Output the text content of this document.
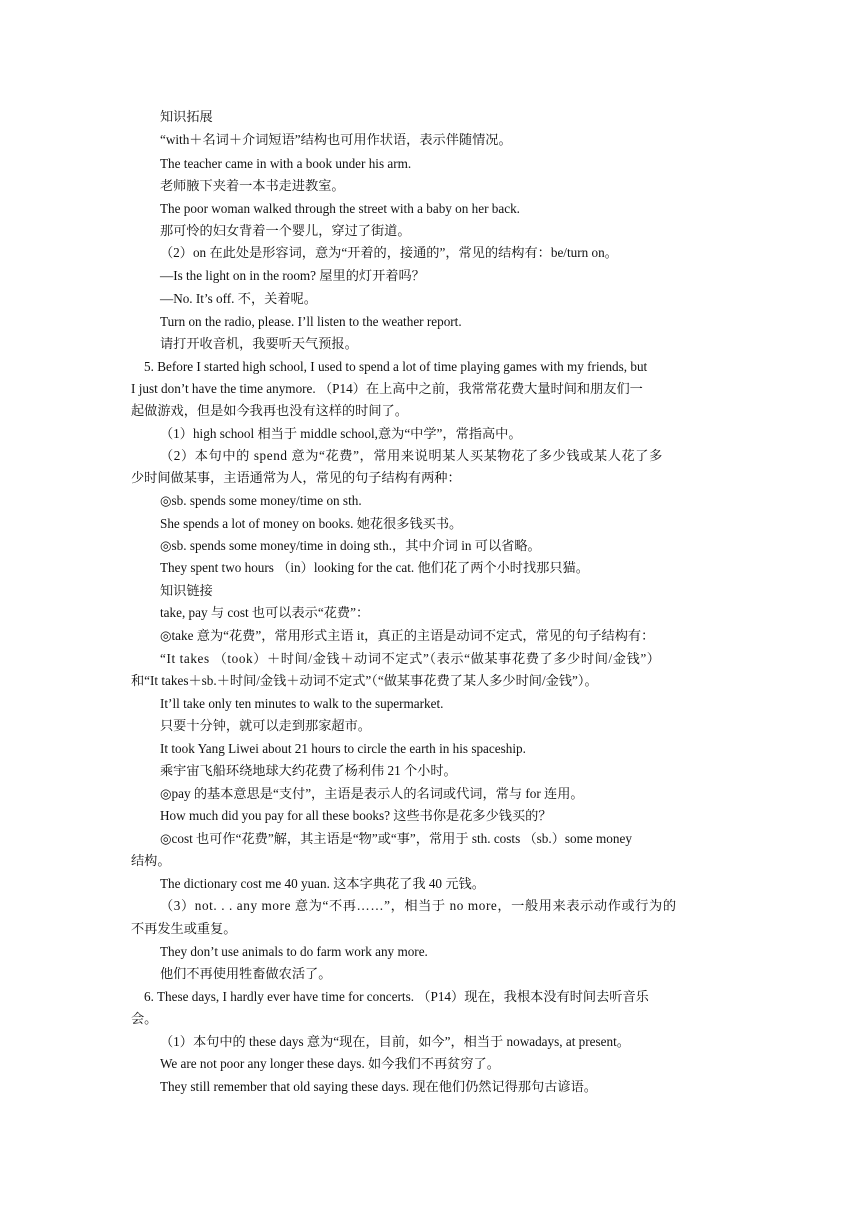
知识拓展
“with＋名词＋介词短语”结构也可用作状语，表示伴随情况。
The teacher came in with a book under his arm.
老师腋下夹着一本书走进教室。
The poor woman walked through the street with a baby on her back.
那可怜的妇女背着一个婴儿，穿过了街道。
（2）on 在此处是形容词，意为“开着的，接通的”，常见的结构有：be/turn on。
—Is the light on in the room? 屋里的灯开着吗？
—No. It’s off. 不，关着呢。
Turn on the radio, please. I’ll listen to the weather report.
请打开收音机，我要听天气预报。
5. Before I started high school, I used to spend a lot of time playing games with my friends, but
I just don’t have the time anymore. （P14）在上高中之前，我常常花费大量时间和朋友们一
起做游戏，但是如今我再也没有这样的时间了。
（1）high school 相当于 middle school,意为“中学”，常指高中。
（2）本句中的 spend 意为“花费”，常用来说明某人买某物花了多少钱或某人花了多
少时间做某事，主语通常为人，常见的句子结构有两种：
◎sb. spends some money/time on sth.
She spends a lot of money on books. 她花很多钱买书。
◎sb. spends some money/time in doing sth.，其中介词 in 可以省略。
They spent two hours （in）looking for the cat. 他们花了两个小时找那只猫。
知识链接
take, pay 与 cost 也可以表示“花费”：
◎take 意为“花费”，常用形式主语 it，真正的主语是动词不定式，常见的句子结构有：
“It takes （took）＋时间/金钱＋动词不定式”（表示“做某事花费了多少时间/金钱”）
和“It takes＋sb.＋时间/金钱＋动词不定式”（“做某事花费了某人多少时间/金钱”）。
It’ll take only ten minutes to walk to the supermarket.
只要十分钟，就可以走到那家超市。
It took Yang Liwei about 21 hours to circle the earth in his spaceship.
乘宇宙飞船环绕地球大约花费了杨利伟 21 个小时。
◎pay 的基本意思是“支付”，主语是表示人的名词或代词，常与 for 连用。
How much did you pay for all these books? 这些书你是花多少钱买的？
◎cost 也可作“花费”解，其主语是“物”或“事”，常用于 sth. costs （sb.）some money
结构。
The dictionary cost me 40 yuan. 这本字典花了我 40 元钱。
（3）not. . . any more 意为“不再……”，相当于 no more，一般用来表示动作或行为的
不再发生或重复。
They don’t use animals to do farm work any more.
他们不再使用牲畜做农活了。
6. These days, I hardly ever have time for concerts. （P14）现在，我根本没有时间去听音乐
会。
（1）本句中的 these days 意为“现在，目前，如今”，相当于 nowadays, at present。
We are not poor any longer these days. 如今我们不再贫穷了。
They still remember that old saying these days. 现在他们仍然记得那句古谚语。
